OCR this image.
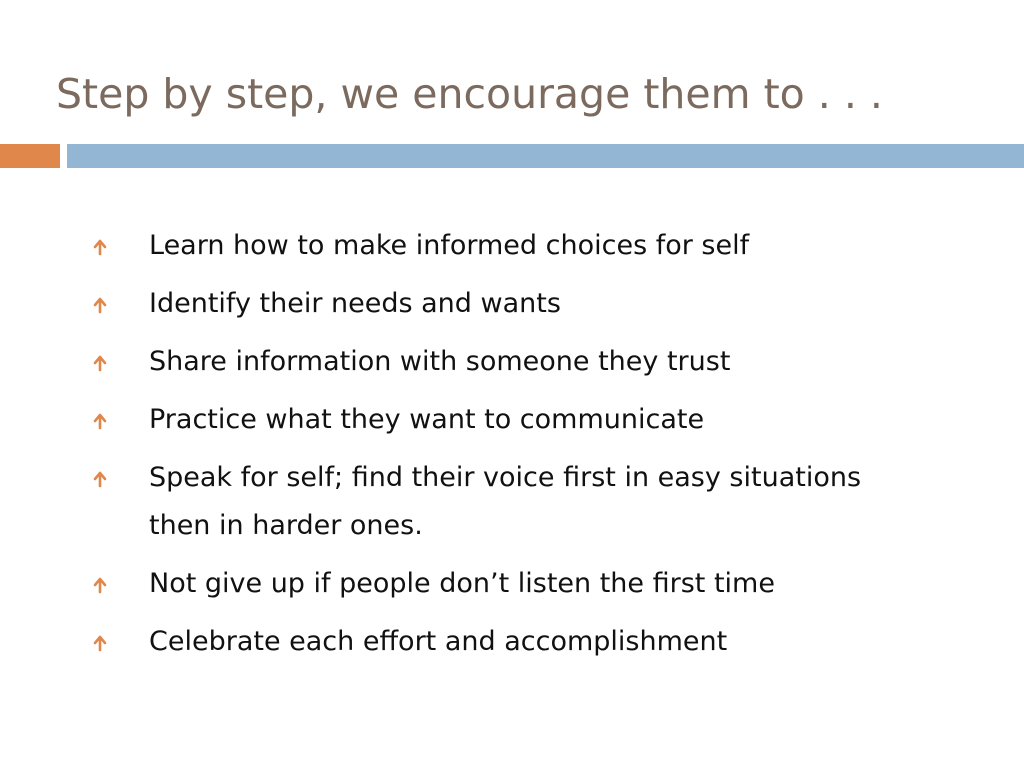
Step by step, we encourage them to . . .
Learn how to make informed choices for self
Identify their needs and wants
Share information with someone they trust
Practice what they want to communicate
Speak for self; find their voice first in easy situations then in harder ones.
Not give up if people don’t listen the first time
Celebrate each effort and accomplishment
